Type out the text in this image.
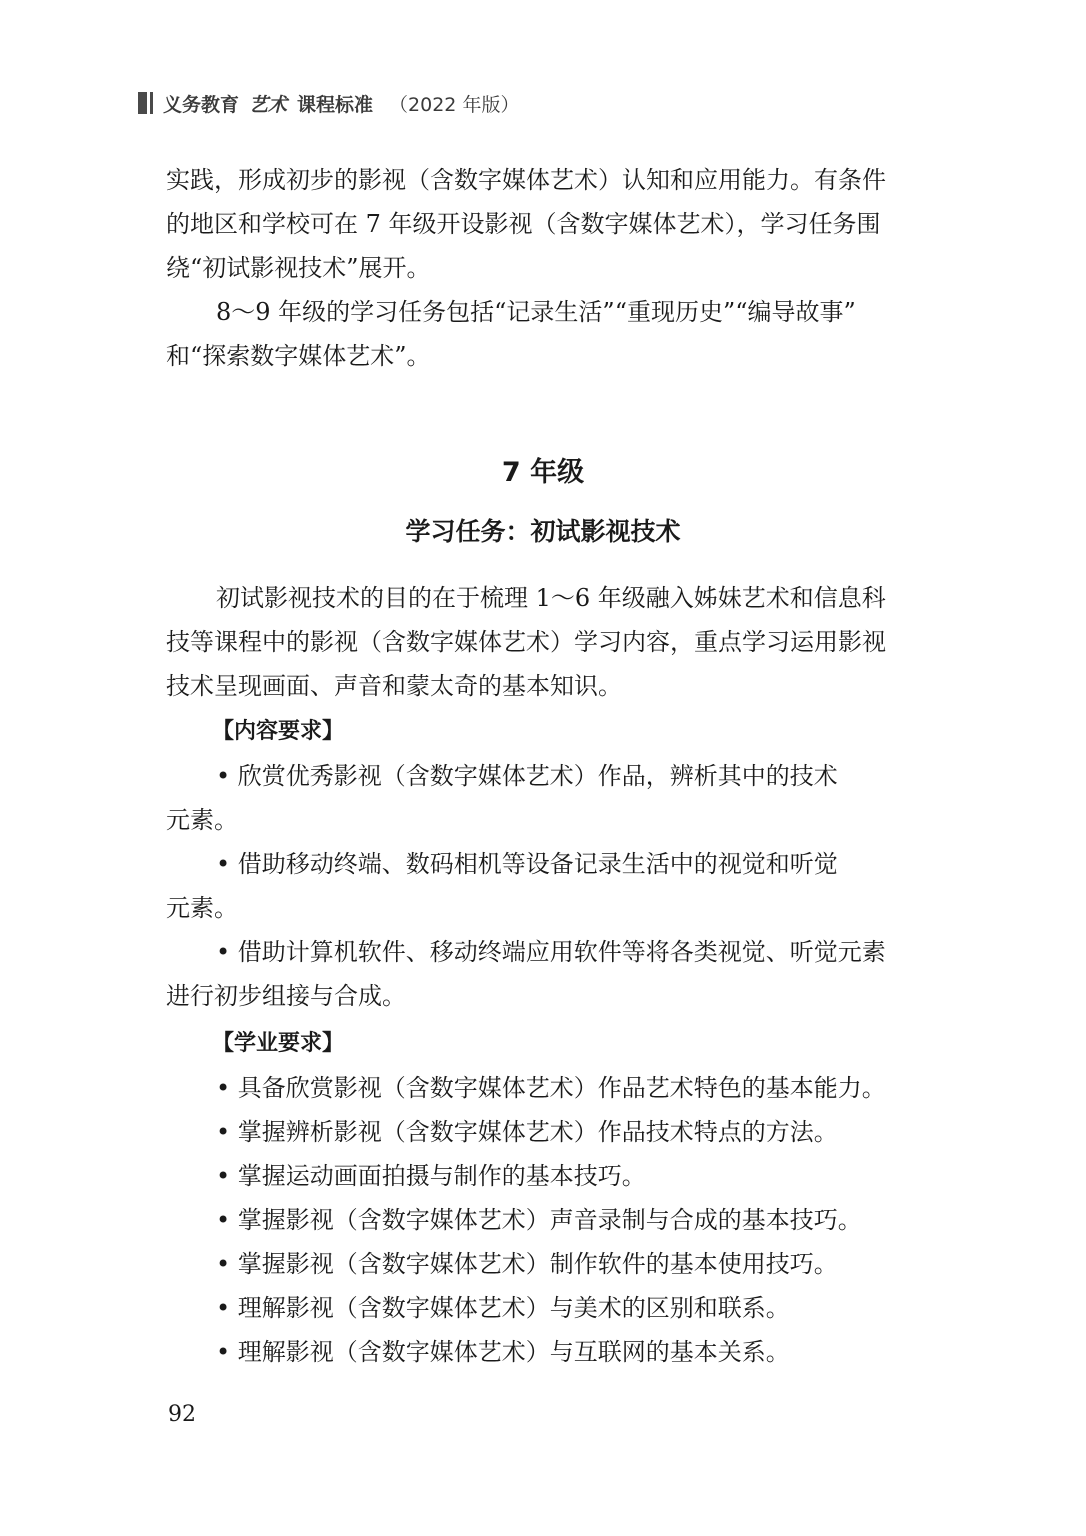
义务教育 艺术 课程标准 （2022 年版）

实践，形成初步的影视（含数字媒体艺术）认知和应用能力。有条件

的地区和学校可在 7 年级开设影视（含数字媒体艺术），学习任务围

绕“初试影视技术”展开。

8～9 年级的学习任务包括“记录生活”“重现历史”“编导故事”

和“探索数字媒体艺术”。

7 年级
学习任务：初试影视技术

初试影视技术的目的在于梳理 1～6 年级融入姊妹艺术和信息科

技等课程中的影视（含数字媒体艺术）学习内容，重点学习运用影视

技术呈现画面、声音和蒙太奇的基本知识。

【内容要求】

• 欣赏优秀影视（含数字媒体艺术）作品，辨析其中的技术

元素。

• 借助移动终端、数码相机等设备记录生活中的视觉和听觉

元素。

• 借助计算机软件、移动终端应用软件等将各类视觉、听觉元素

进行初步组接与合成。

【学业要求】

• 具备欣赏影视（含数字媒体艺术）作品艺术特色的基本能力。

• 掌握辨析影视（含数字媒体艺术）作品技术特点的方法。

• 掌握运动画面拍摄与制作的基本技巧。

• 掌握影视（含数字媒体艺术）声音录制与合成的基本技巧。

• 掌握影视（含数字媒体艺术）制作软件的基本使用技巧。

• 理解影视（含数字媒体艺术）与美术的区别和联系。

• 理解影视（含数字媒体艺术）与互联网的基本关系。

92
